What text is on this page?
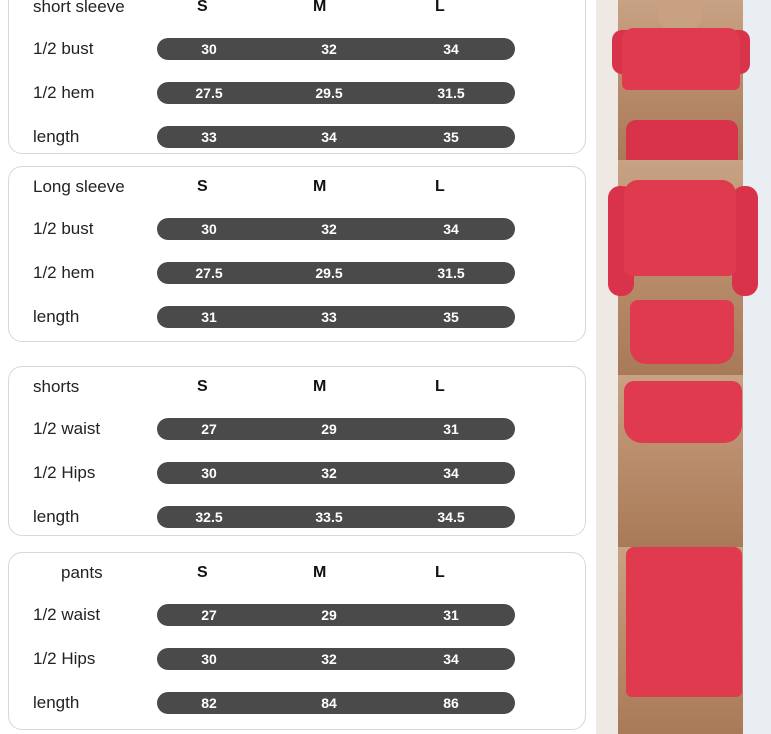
short sleeve	S	M	L
1/2 bust	30	32	34
1/2 hem	27.5	29.5	31.5
length	33	34	35
Long sleeve	S	M	L
1/2 bust	30	32	34
1/2 hem	27.5	29.5	31.5
length	31	33	35
shorts	S	M	L
1/2 waist	27	29	31
1/2 Hips	30	32	34
length	32.5	33.5	34.5
pants	S	M	L
1/2 waist	27	29	31
1/2 Hips	30	32	34
length	82	84	86
